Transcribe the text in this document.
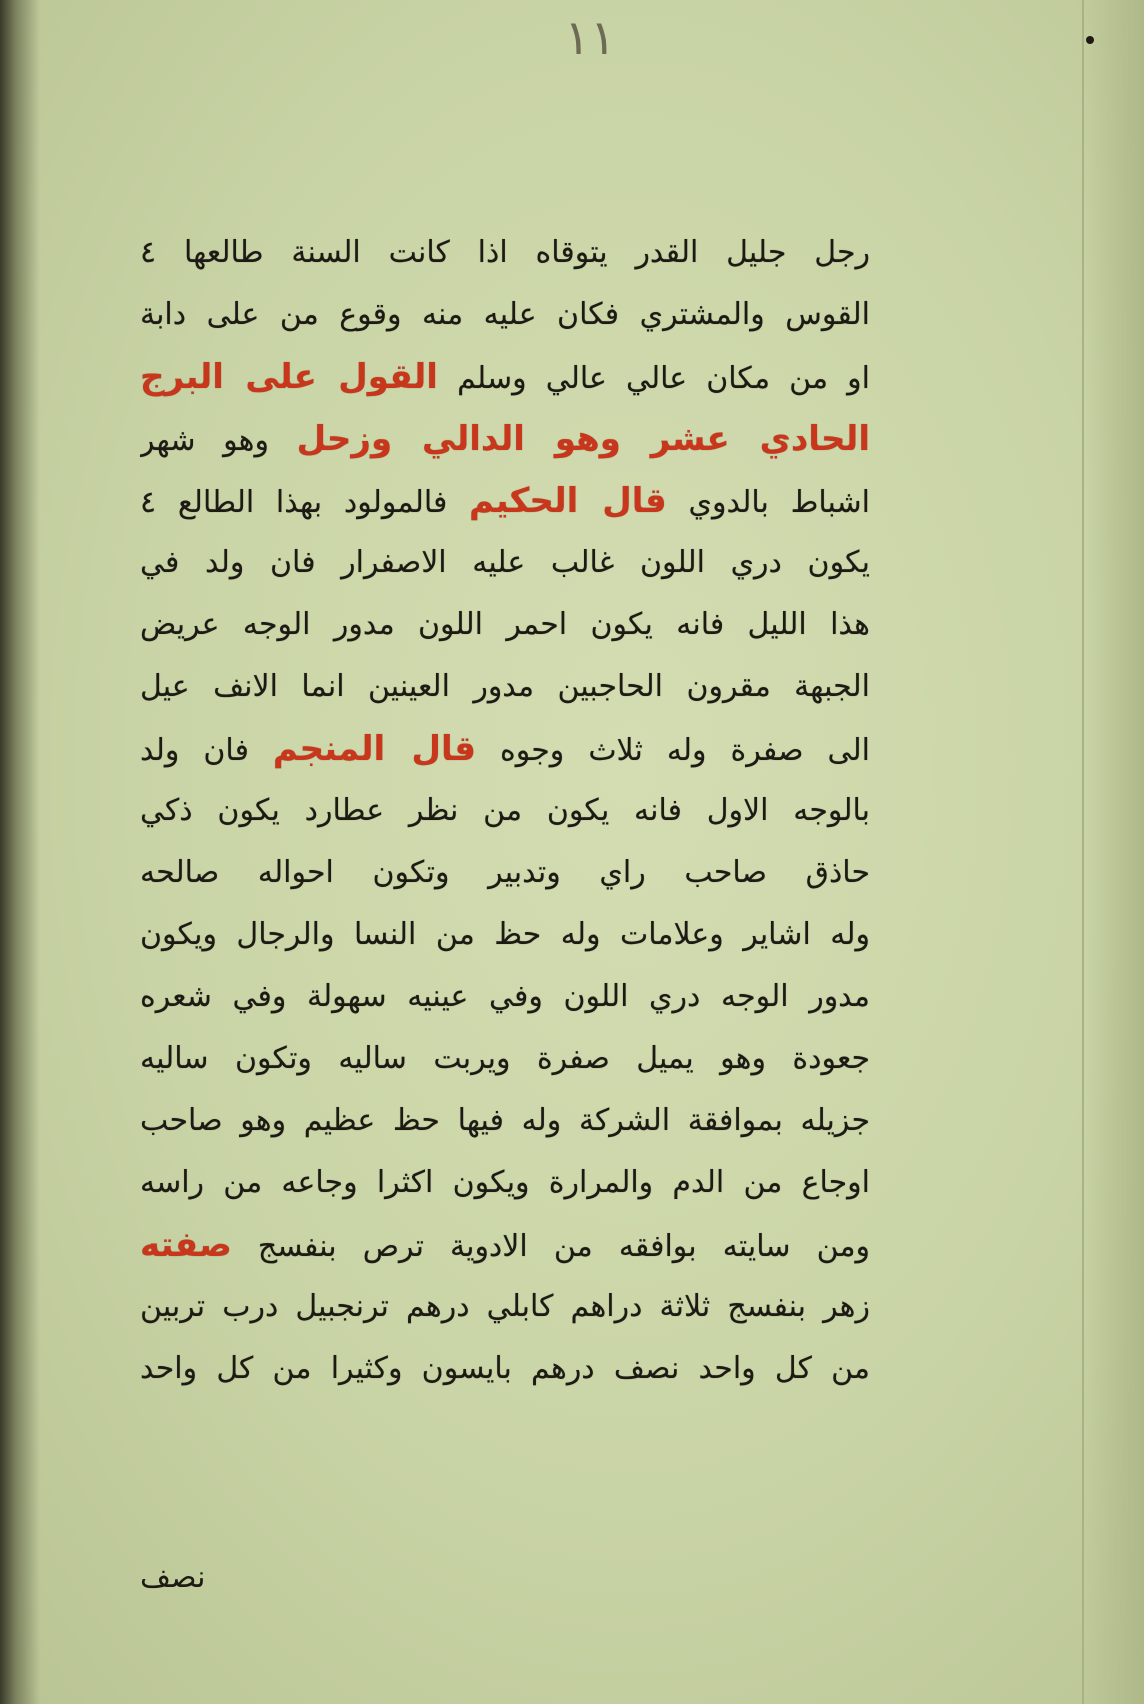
١١
رجل جليل القدر يتوقاه اذا كانت السنة طالعها ٤
القوس والمشتري فكان عليه منه وقوع من على دابة
او من مكان عالي عالي وسلم القول على البرج
الحادي عشر وهو الدالي وزحل وهو شهر
اشباط بالدوي قال الحكيم فالمولود بهذا الطالع ٤
يكون دري اللون غالب عليه الاصفرار فان ولد في
هذا الليل فانه يكون احمر اللون مدور الوجه عريض
الجبهة مقرون الحاجبين مدور العينين انما الانف عيل
الى صفرة وله ثلاث وجوه قال المنجم فان ولد
بالوجه الاول فانه يكون من نظر عطارد يكون ذكي
حاذق صاحب راي وتدبير وتكون احواله صالحه
وله اشاير وعلامات وله حظ من النسا والرجال ويكون
مدور الوجه دري اللون وفي عينيه سهولة وفي شعره
جعودة وهو يميل صفرة ويربت ساليه وتكون ساليه
جزيله بموافقة الشركة وله فيها حظ عظيم وهو صاحب
اوجاع من الدم والمرارة ويكون اكثرا وجاعه من راسه
ومن سايته بوافقه من الادوية ترص بنفسج صفته
زهر بنفسج ثلاثة دراهم كابلي درهم ترنجبيل درب تربين
من كل واحد نصف درهم بايسون وكثيرا من كل واحد
نصف
